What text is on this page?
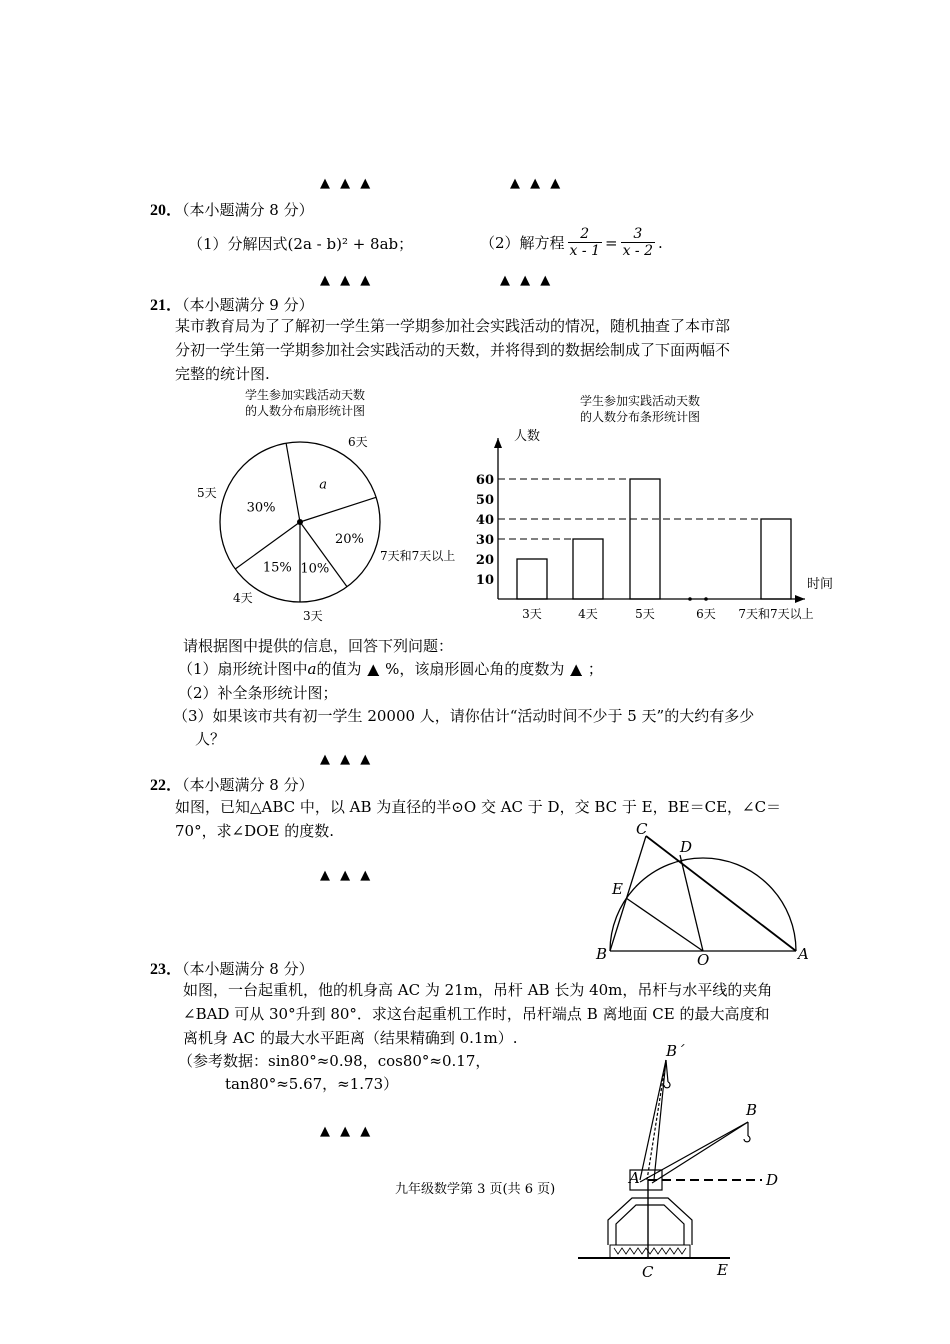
▲ ▲ ▲	▲ ▲ ▲
20．（本小题满分 8 分）
（1）分解因式(2a - b)² + 8ab；	（2）解方程 $\frac{2}{x - 1} = \frac{3}{x - 2}$ .
▲ ▲ ▲	▲ ▲ ▲
21．（本小题满分 9 分）
某市教育局为了了解初一学生第一学期参加社会实践活动的情况，随机抽查了本市部
分初一学生第一学期参加社会实践活动的天数，并将得到的数据绘制成了下面两幅不
完整的统计图.
学生参加实践活动天数
的人数分布扇形统计图
10%
15%
30%
a
20%
6天
5天
7天和7天以上
4天
3天
学生参加实践活动天数
的人数分布条形统计图
人数
时间
10
20
30
40
50
60
3天	4天	5天	6天 7天和7天以上
请根据图中提供的信息，回答下列问题：
（1）扇形统计图中a的值为 ▲ %，该扇形圆心角的度数为 ▲ ；
（2）补全条形统计图；
（3）如果该市共有初一学生 20000 人，请你估计“活动时间不少于 5 天”的大约有多少
人？
▲ ▲ ▲
22．（本小题满分 8 分）
如图，已知△ABC 中，以 AB 为直径的半⊙O 交 AC 于 D，交 BC 于 E，BE＝CE，∠C＝
70°，求∠DOE 的度数.
▲ ▲ ▲
C
D
E
B	O	A
23．（本小题满分 8 分）
如图，一台起重机，他的机身高 AC 为 21m，吊杆 AB 长为 40m，吊杆与水平线的夹角
∠BAD 可从 30°升到 80°．求这台起重机工作时，吊杆端点 B 离地面 CE 的最大高度和
离机身 AC 的最大水平距离（结果精确到 0.1m）.
（参考数据：sin80°≈0.98，cos80°≈0.17，
tan80°≈5.67，≈1.73）
▲ ▲ ▲
B´
B
A	D
C	E
九年级数学第 3 页(共 6 页)
